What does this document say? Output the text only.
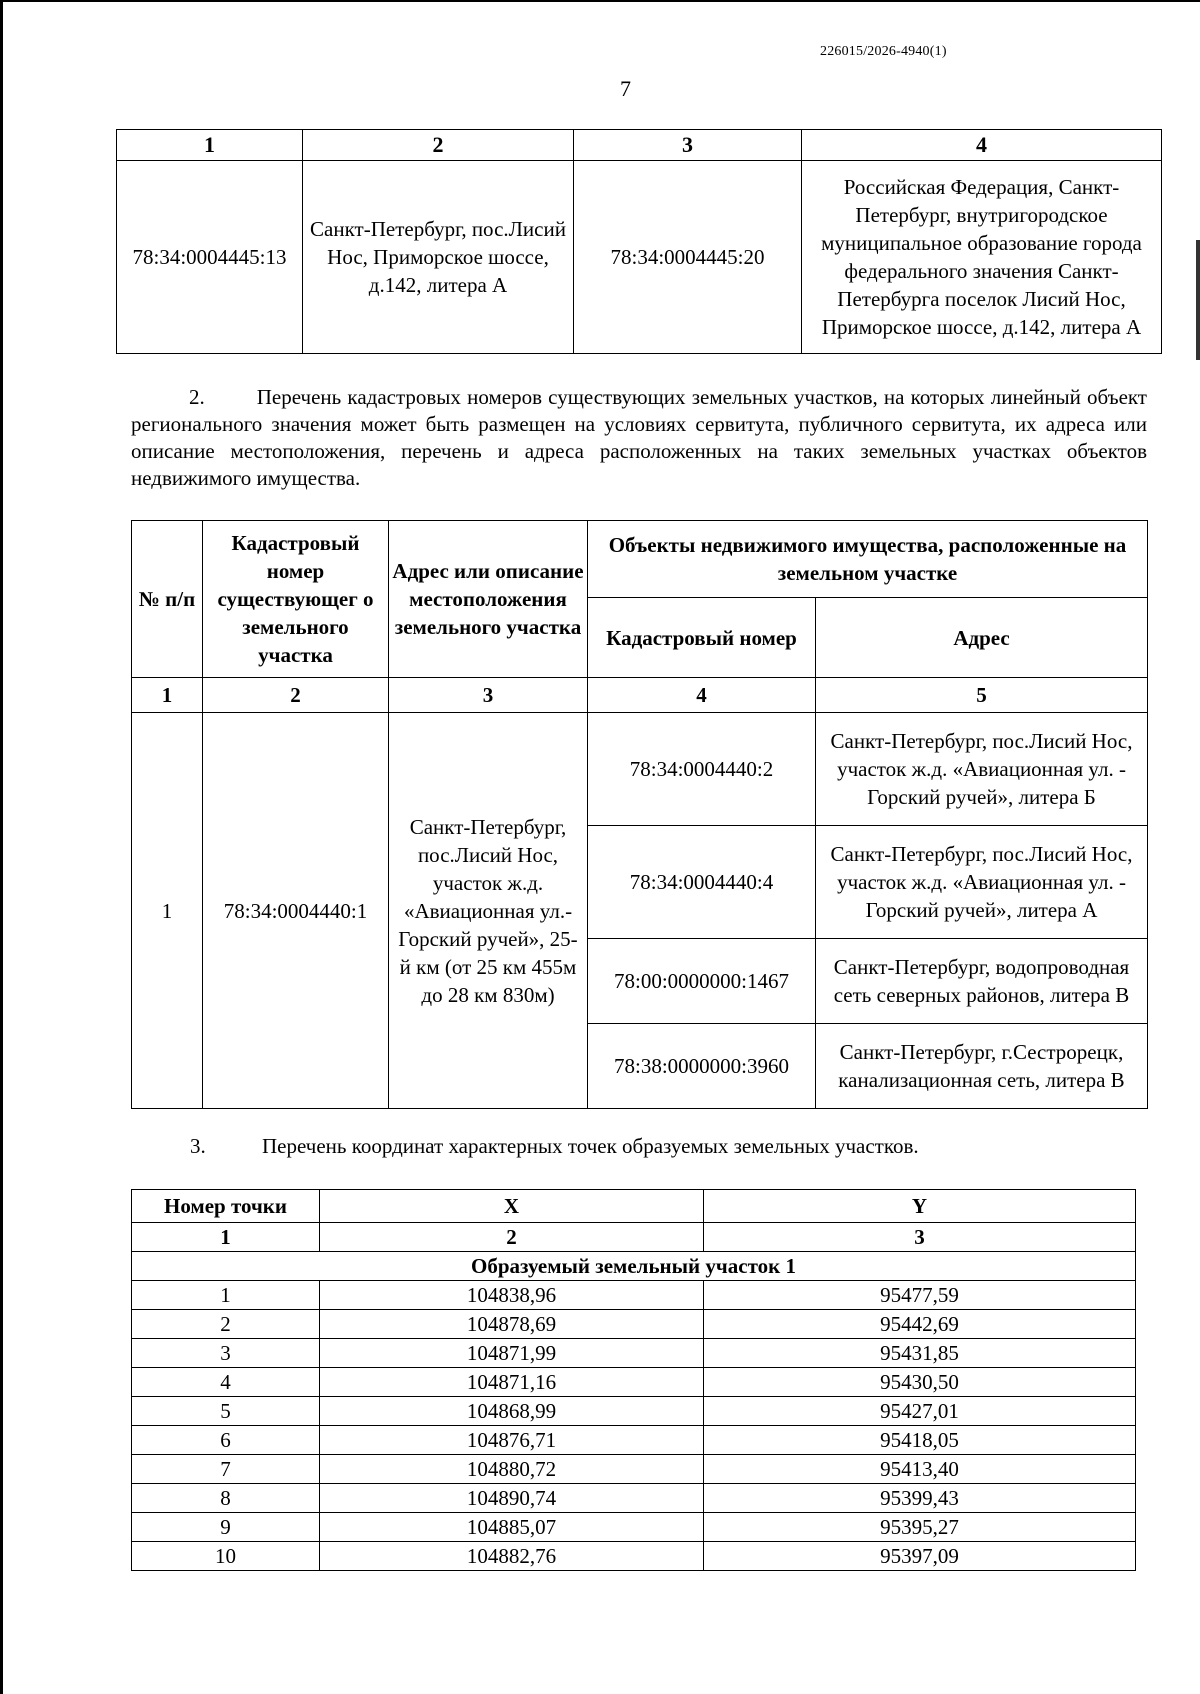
226015/2026-4940(1)
7
1	2	3	4
78:34:0004445:13	Санкт-Петербург, пос.Лисий Нос, Приморское шоссе, д.142, литера А	78:34:0004445:20	Российская Федерация, Санкт-Петербург, внутригородское муниципальное образование города федерального значения Санкт-Петербурга поселок Лисий Нос, Приморское шоссе, д.142, литера А
2. Перечень кадастровых номеров существующих земельных участков, на которых линейный объект регионального значения может быть размещен на условиях сервитута, публичного сервитута, их адреса или описание местоположения, перечень и адреса расположенных на таких земельных участках объектов недвижимого имущества.
№ п/п	Кадастровый номер существующег о земельного участка	Адрес или описание местоположения земельного участка	Объекты недвижимого имущества, расположенные на земельном участке	
			Кадастровый номер	Адрес
1	2	3	4	5
1	78:34:0004440:1	Санкт-Петербург, пос.Лисий Нос, участок ж.д. «Авиационная ул.- Горский ручей», 25-й км (от 25 км 455м до 28 км 830м)	78:34:0004440:2	Санкт-Петербург, пос.Лисий Нос, участок ж.д. «Авиационная ул. - Горский ручей», литера Б
			78:34:0004440:4	Санкт-Петербург, пос.Лисий Нос, участок ж.д. «Авиационная ул. - Горский ручей», литера А
			78:00:0000000:1467	Санкт-Петербург, водопроводная сеть северных районов, литера В
			78:38:0000000:3960	Санкт-Петербург, г.Сестрорецк, канализационная сеть, литера В
3.	Перечень координат характерных точек образуемых земельных участков.
Номер точки	X	Y
1	2	3
Образуемый земельный участок 1		
1	104838,96	95477,59
2	104878,69	95442,69
3	104871,99	95431,85
4	104871,16	95430,50
5	104868,99	95427,01
6	104876,71	95418,05
7	104880,72	95413,40
8	104890,74	95399,43
9	104885,07	95395,27
10	104882,76	95397,09
